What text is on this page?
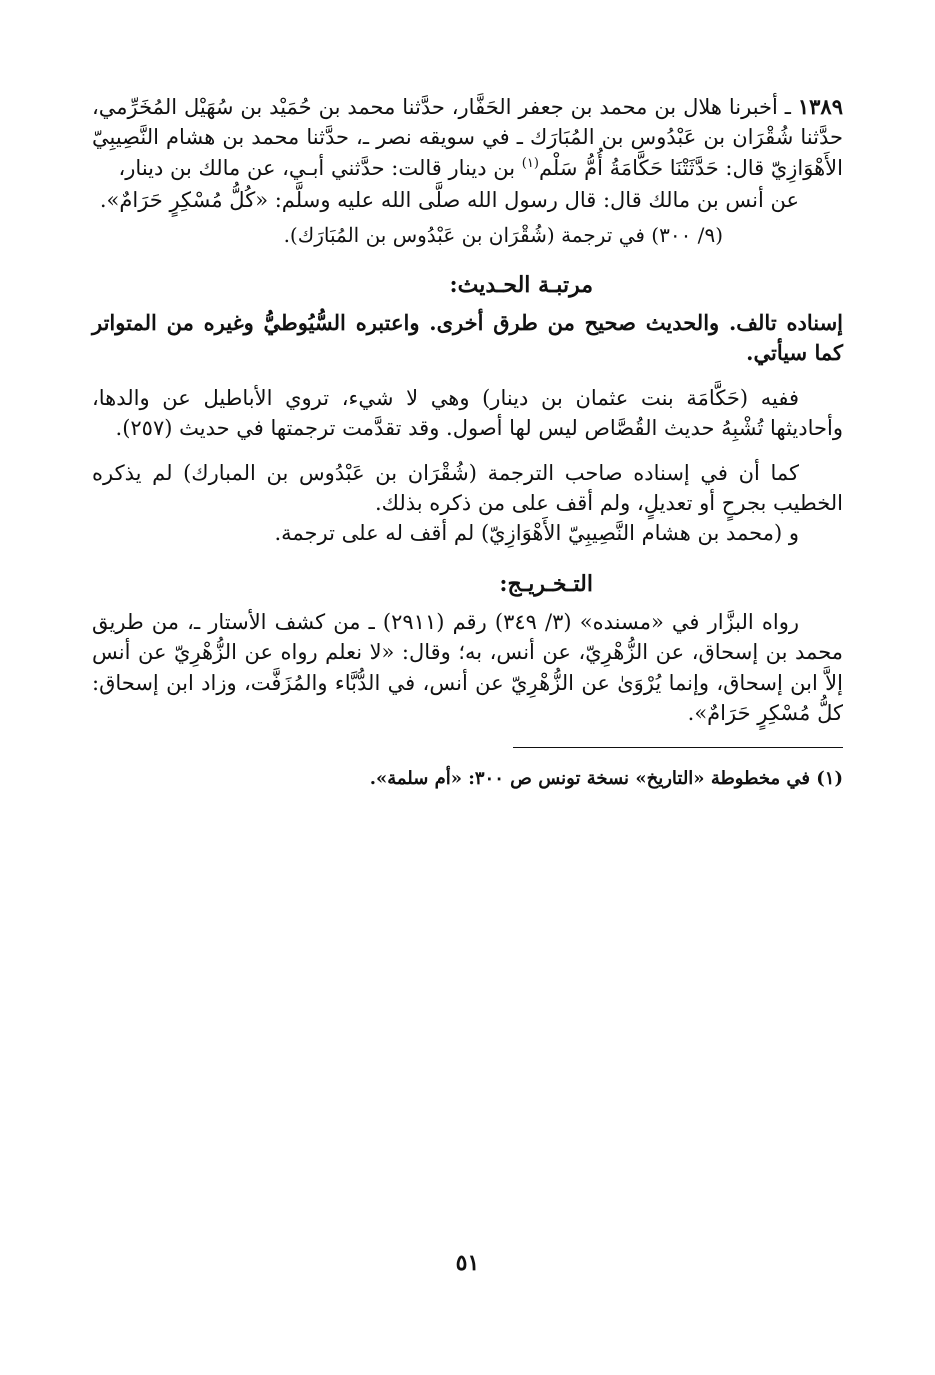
١٣٨٩ ـ أخبرنا هلال بن محمد بن جعفر الحَفَّار، حدَّثنا محمد بن حُمَيْد بن سُهَيْل المُخَرِّمي، حدَّثنا شُقْرَان بن عَبْدُوس بن المُبَارَك ـ في سويقه نصر ـ، حدَّثنا محمد بن هشام النَّصِيبِيّ الأَهْوَازِيّ قال: حَدَّثَتْنَا حَكَّامَةُ أُمُّ سَلْم$^{(١)}$ بن دينار قالت: حدَّثني أبـي، عن مالك بن دينار،

عن أنس بن مالك قال: قال رسول الله صلَّى الله عليه وسلَّم: «كُلُّ مُسْكِرٍ حَرَامٌ».

(٩/ ٣٠٠) في ترجمة (شُقْرَان بن عَبْدُوس بن المُبَارَك).

مرتبـة الحـديث:

إسناده تالف. والحديث صحيح من طرق أخرى. واعتبره السُّيُوطيُّ وغيره من المتواتر كما سيأتي.

ففيه (حَكَّامَة بنت عثمان بن دينار) وهي لا شيء، تروي الأباطيل عن والدها، وأحاديثها تُشْبِهُ حديث القُصَّاص ليس لها أصول. وقد تقدَّمت ترجمتها في حديث (٢٥٧).

كما أن في إسناده صاحب الترجمة (شُقْرَان بن عَبْدُوس بن المبارك) لم يذكره الخطيب بجرحٍ أو تعديلٍ، ولم أقف على من ذكره بذلك.

و (محمد بن هشام النَّصِيبِيّ الأَهْوَازِيّ) لم أقف له على ترجمة.

التـخـريـج:

رواه البزَّار في «مسنده» (٣/ ٣٤٩) رقم (٢٩١١) ـ من كشف الأستار ـ، من طريق محمد بن إسحاق، عن الزُّهْرِيّ، عن أنس، به؛ وقال: «لا نعلم رواه عن الزُّهْرِيّ عن أنس إلاَّ ابن إسحاق، وإنما يُرْوَىٰ عن الزُّهْرِيّ عن أنس، في الدُّبَّاء والمُزَفَّت، وزاد ابن إسحاق: كلُّ مُسْكِرٍ حَرَامٌ».

(١) في مخطوطة «التاريخ» نسخة تونس ص ٣٠٠: «أم سلمة».

٥١
